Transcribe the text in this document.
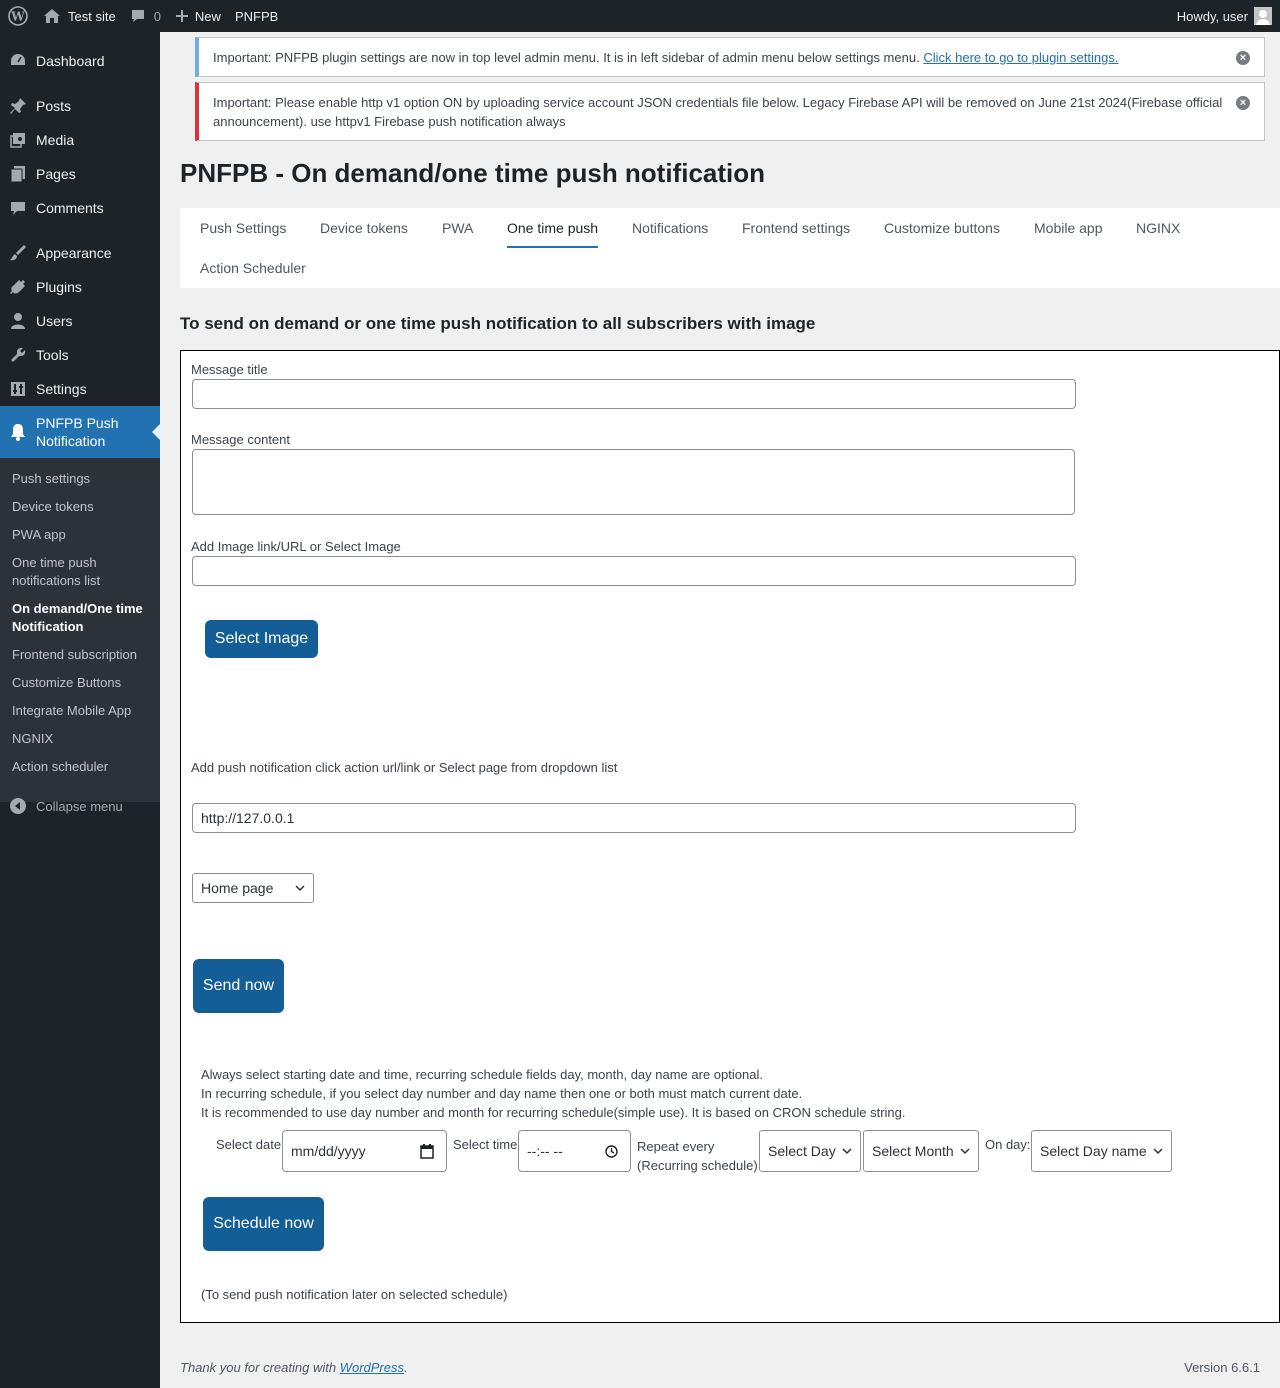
W	Test site	0	New PNFPB	Howdy, user
Dashboard
Posts
Media
Pages
Comments
Appearance
Plugins
Users
Tools
Settings
PNFPB Push Notification
Push settings
Device tokens
PWA app
One time push notifications list
On demand/One time Notification
Frontend subscription
Customize Buttons
Integrate Mobile App
NGNIX
Action scheduler
Collapse menu
Important: PNFPB plugin settings are now in top level admin menu. It is in left sidebar of admin menu below settings menu. Click here to go to plugin settings.	×
Important: Please enable http v1 option ON by uploading service account JSON credentials file below. Legacy Firebase API will be removed on June 21st 2024(Firebase official announcement). use httpv1 Firebase push notification always
×
PNFPB - On demand/one time push notification
Push Settings Device tokens PWA One time push Notifications Frontend settings Customize buttons Mobile app NGINX
Action Scheduler
To send on demand or one time push notification to all subscribers with image
Message title
Message content
Add Image link/URL or Select Image
Select Image
Add push notification click action url/link or Select page from dropdown list
http://127.0.0.1
Home page
Send now
Always select starting date and time, recurring schedule fields day, month, day name are optional.
In recurring schedule, if you select day number and day name then one or both must match current date.
It is recommended to use day number and month for recurring schedule(simple use). It is based on CRON schedule string.
Select date mm/dd/yyyy	Select time --:-- --	Repeat every
(Recurring schedule)
Select Day	Select Month On day: Select Day name
Schedule now
(To send push notification later on selected schedule)
Thank you for creating with WordPress.	Version 6.6.1
